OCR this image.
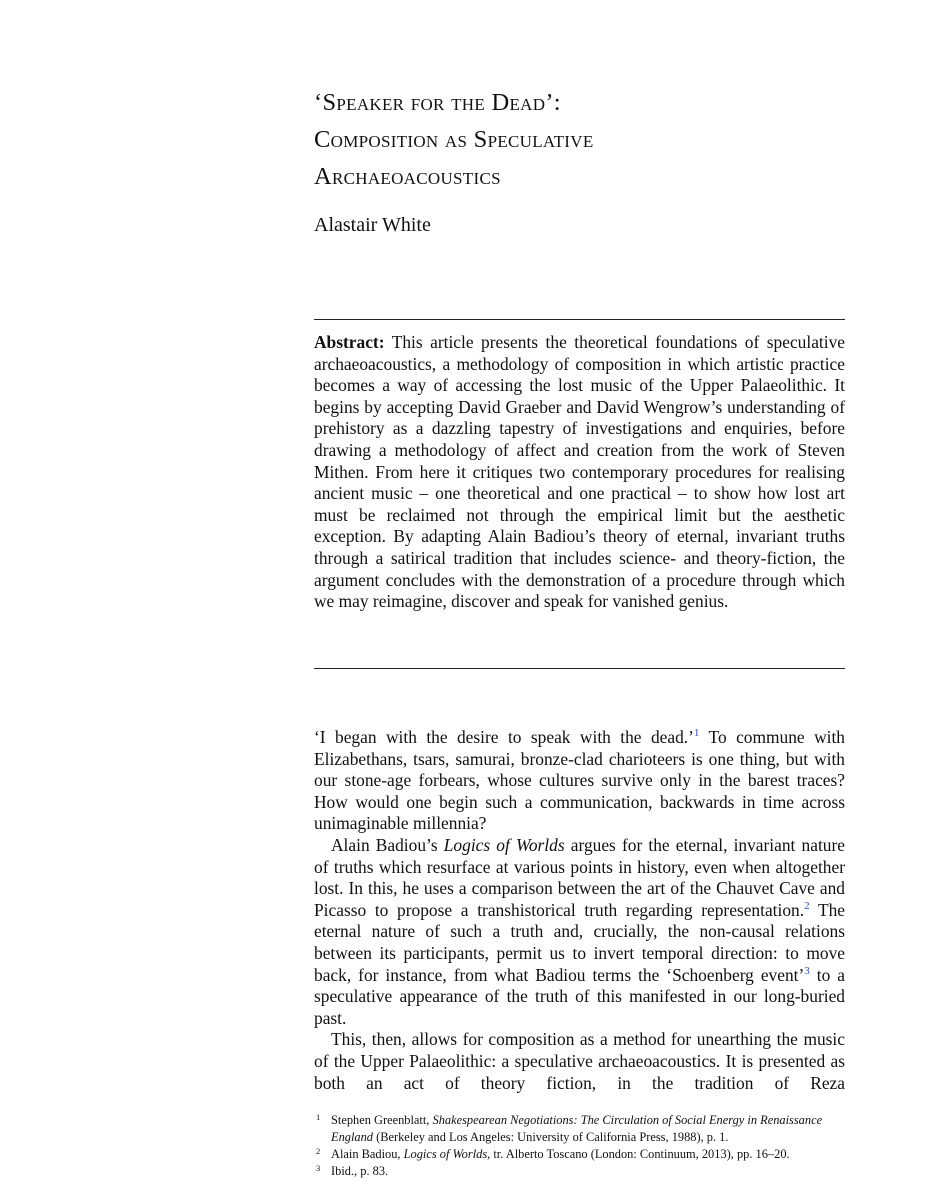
‘Speaker for the Dead’:
Composition as Speculative
Archaeoacoustics
Alastair White
Abstract: This article presents the theoretical foundations of speculative archaeoacoustics, a methodology of composition in which artistic practice becomes a way of accessing the lost music of the Upper Palaeolithic. It begins by accepting David Graeber and David Wengrow’s understanding of prehistory as a dazzling tapestry of investigations and enquiries, before drawing a methodology of affect and creation from the work of Steven Mithen. From here it critiques two contemporary procedures for realising ancient music – one theoretical and one practical – to show how lost art must be reclaimed not through the empirical limit but the aesthetic exception. By adapting Alain Badiou’s theory of eternal, invariant truths through a satirical tradition that includes science- and theory-fiction, the argument concludes with the demonstration of a procedure through which we may reimagine, discover and speak for vanished genius.

‘I began with the desire to speak with the dead.’$^1$ To commune with Elizabethans, tsars, samurai, bronze-clad charioteers is one thing, but with our stone-age forbears, whose cultures survive only in the barest traces? How would one begin such a communication, backwards in time across unimaginable millennia?

Alain Badiou’s Logics of Worlds argues for the eternal, invariant nature of truths which resurface at various points in history, even when altogether lost. In this, he uses a comparison between the art of the Chauvet Cave and Picasso to propose a transhistorical truth regarding representation.$^2$ The eternal nature of such a truth and, crucially, the non-causal relations between its participants, permit us to invert temporal direction: to move back, for instance, from what Badiou terms the ‘Schoenberg event’$^3$ to a speculative appearance of the truth of this manifested in our long-buried past.

This, then, allows for composition as a method for unearthing the music of the Upper Palaeolithic: a speculative archaeoacoustics. It is presented as both an act of theory fiction, in the tradition of Reza

1 Stephen Greenblatt, Shakespearean Negotiations: The Circulation of Social Energy in Renaissance England (Berkeley and Los Angeles: University of California Press, 1988), p. 1.
2 Alain Badiou, Logics of Worlds, tr. Alberto Toscano (London: Continuum, 2013), pp. 16–20.
3 Ibid., p. 83.
